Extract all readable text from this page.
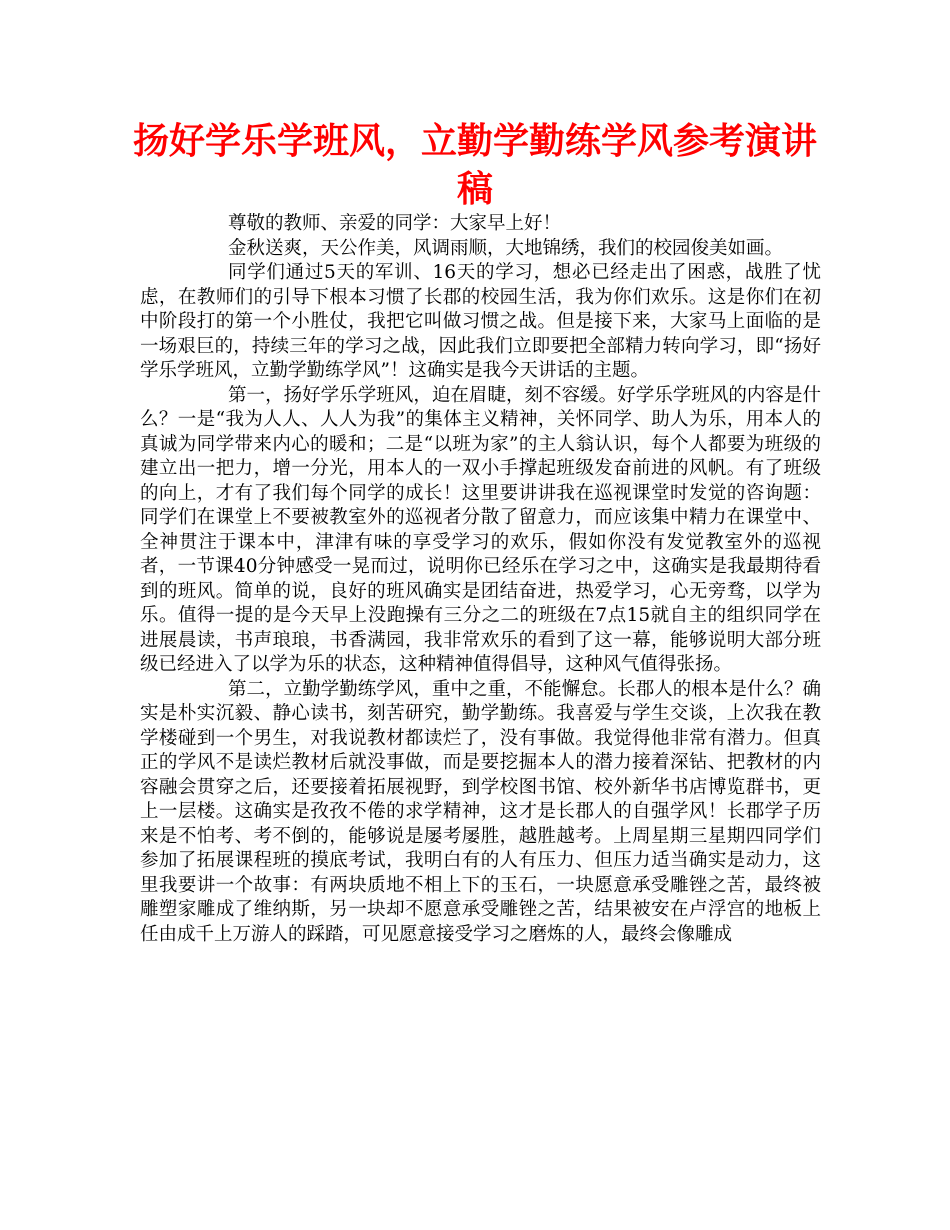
扬好学乐学班风，立勤学勤练学风参考演讲稿

尊敬的教师、亲爱的同学：大家早上好！

金秋送爽，天公作美，风调雨顺，大地锦绣，我们的校园俊美如画。

同学们通过5天的军训、16天的学习，想必已经走出了困惑，战胜了忧虑，在教师们的引导下根本习惯了长郡的校园生活，我为你们欢乐。这是你们在初中阶段打的第一个小胜仗，我把它叫做习惯之战。但是接下来，大家马上面临的是一场艰巨的，持续三年的学习之战，因此我们立即要把全部精力转向学习，即“扬好学乐学班风，立勤学勤练学风”！这确实是我今天讲话的主题。

第一，扬好学乐学班风，迫在眉睫，刻不容缓。好学乐学班风的内容是什么？一是“我为人人、人人为我”的集体主义精神，关怀同学、助人为乐，用本人的真诚为同学带来内心的暖和；二是“以班为家”的主人翁认识，每个人都要为班级的建立出一把力，增一分光，用本人的一双小手撑起班级发奋前进的风帆。有了班级的向上，才有了我们每个同学的成长！这里要讲讲我在巡视课堂时发觉的咨询题：同学们在课堂上不要被教室外的巡视者分散了留意力，而应该集中精力在课堂中、全神贯注于课本中，津津有味的享受学习的欢乐，假如你没有发觉教室外的巡视者，一节课40分钟感受一晃而过，说明你已经乐在学习之中，这确实是我最期待看到的班风。简单的说，良好的班风确实是团结奋进，热爱学习，心无旁骛，以学为乐。值得一提的是今天早上没跑操有三分之二的班级在7点15就自主的组织同学在进展晨读，书声琅琅，书香满园，我非常欢乐的看到了这一幕，能够说明大部分班级已经进入了以学为乐的状态，这种精神值得倡导，这种风气值得张扬。

第二，立勤学勤练学风，重中之重，不能懈怠。长郡人的根本是什么？确实是朴实沉毅、静心读书，刻苦研究，勤学勤练。我喜爱与学生交谈，上次我在教学楼碰到一个男生，对我说教材都读烂了，没有事做。我觉得他非常有潜力。但真正的学风不是读烂教材后就没事做，而是要挖掘本人的潜力接着深钻、把教材的内容融会贯穿之后，还要接着拓展视野，到学校图书馆、校外新华书店博览群书，更上一层楼。这确实是孜孜不倦的求学精神，这才是长郡人的自强学风！长郡学子历来是不怕考、考不倒的，能够说是屡考屡胜，越胜越考。上周星期三星期四同学们参加了拓展课程班的摸底考试，我明白有的人有压力、但压力适当确实是动力，这里我要讲一个故事：有两块质地不相上下的玉石，一块愿意承受雕锉之苦，最终被雕塑家雕成了维纳斯，另一块却不愿意承受雕锉之苦，结果被安在卢浮宫的地板上任由成千上万游人的踩踏，可见愿意接受学习之磨炼的人，最终会像雕成
